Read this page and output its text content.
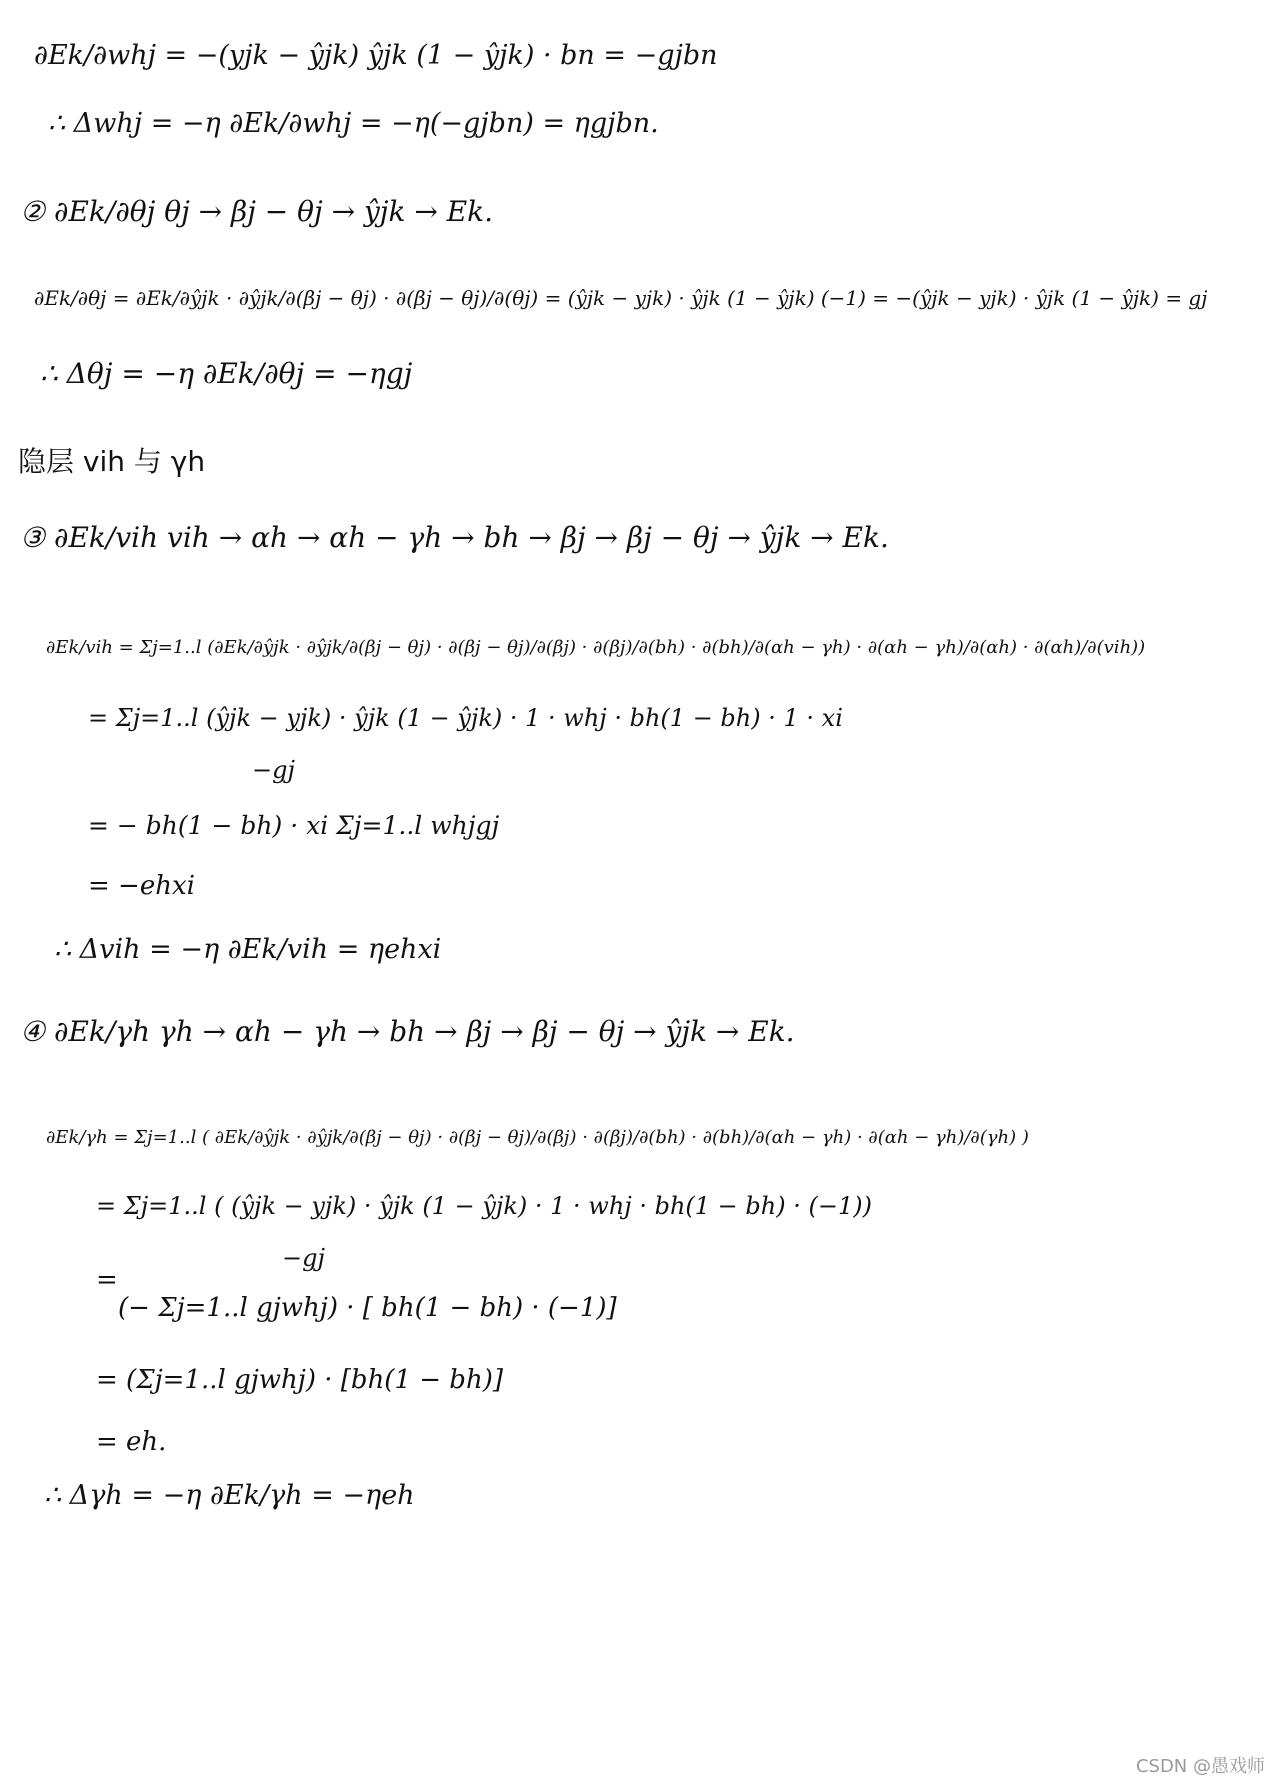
∂Ek/∂whj = −(yjk − ŷjk) ŷjk (1 − ŷjk) · bn = −gjbn
∴ Δwhj = −η ∂Ek/∂whj = −η(−gjbn) = ηgjbn.
② ∂Ek/∂θj θj → βj − θj → ŷjk → Ek.
∂Ek/∂θj = ∂Ek/∂ŷjk · ∂ŷjk/∂(βj − θj) · ∂(βj − θj)/∂(θj) = (ŷjk − yjk) · ŷjk (1 − ŷjk) (−1) = −(ŷjk − yjk) · ŷjk (1 − ŷjk) = gj
∴ Δθj = −η ∂Ek/∂θj = −ηgj
隐层 vih 与 γh
③ ∂Ek/vih vih → αh → αh − γh → bh → βj → βj − θj → ŷjk → Ek.
∂Ek/vih = Σj=1..l (∂Ek/∂ŷjk · ∂ŷjk/∂(βj − θj) · ∂(βj − θj)/∂(βj) · ∂(βj)/∂(bh) · ∂(bh)/∂(αh − γh) · ∂(αh − γh)/∂(αh) · ∂(αh)/∂(vih))
= Σj=1..l (ŷjk − yjk) · ŷjk (1 − ŷjk) · 1 · whj · bh(1 − bh) · 1 · xi
−gj
= − bh(1 − bh) · xi Σj=1..l whjgj
= −ehxi
∴ Δvih = −η ∂Ek/vih = ηehxi
④ ∂Ek/γh γh → αh − γh → bh → βj → βj − θj → ŷjk → Ek.
∂Ek/γh = Σj=1..l ( ∂Ek/∂ŷjk · ∂ŷjk/∂(βj − θj) · ∂(βj − θj)/∂(βj) · ∂(βj)/∂(bh) · ∂(bh)/∂(αh − γh) · ∂(αh − γh)/∂(γh) )
= Σj=1..l ( (ŷjk − yjk) · ŷjk (1 − ŷjk) · 1 · whj · bh(1 − bh) · (−1))
−gj
=
(− Σj=1..l gjwhj) · [ bh(1 − bh) · (−1)]
= (Σj=1..l gjwhj) · [bh(1 − bh)]
= eh.
∴ Δγh = −η ∂Ek/γh = −ηeh
CSDN @愚戏师
